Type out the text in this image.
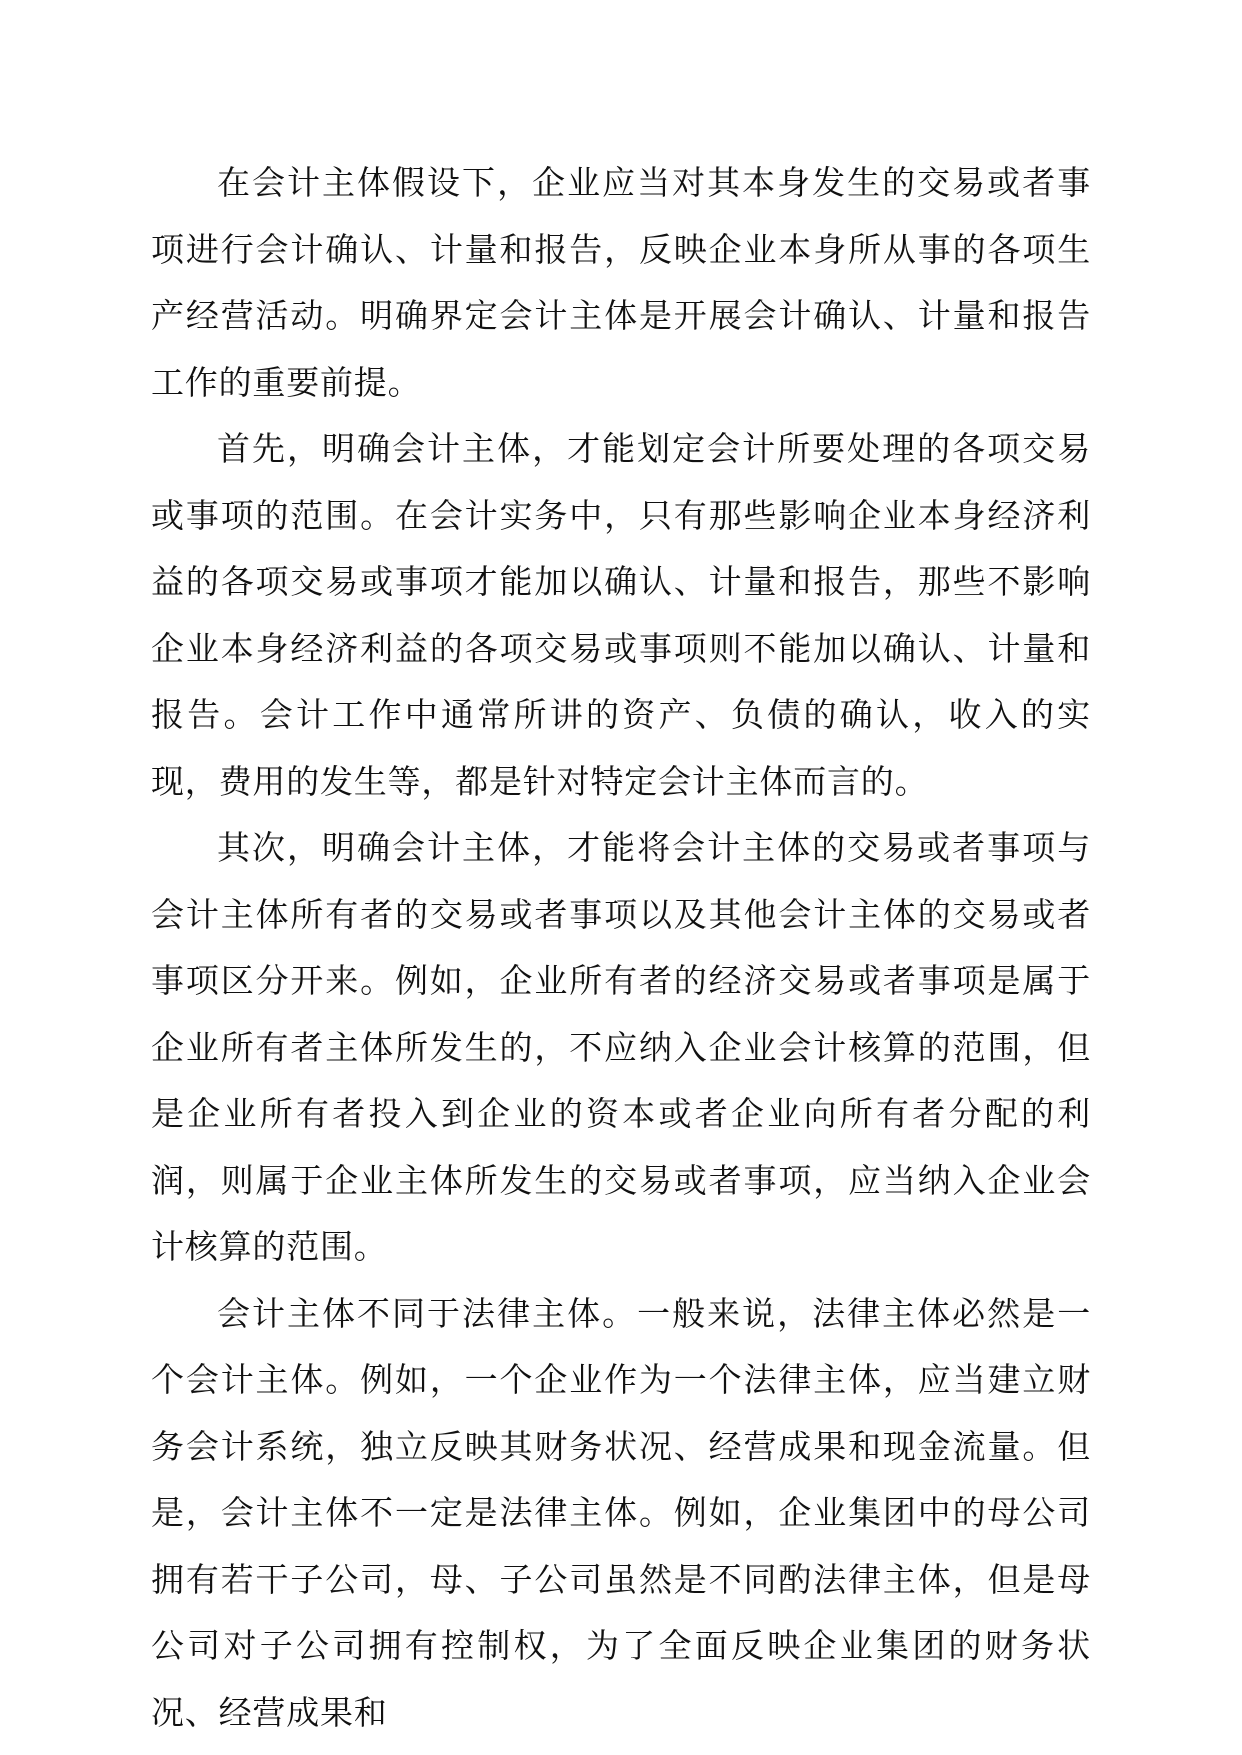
在会计主体假设下，企业应当对其本身发生的交易或者事项进行会计确认、计量和报告，反映企业本身所从事的各项生产经营活动。明确界定会计主体是开展会计确认、计量和报告工作的重要前提。

首先，明确会计主体，才能划定会计所要处理的各项交易或事项的范围。在会计实务中，只有那些影响企业本身经济利益的各项交易或事项才能加以确认、计量和报告，那些不影响企业本身经济利益的各项交易或事项则不能加以确认、计量和报告。会计工作中通常所讲的资产、负债的确认，收入的实现，费用的发生等，都是针对特定会计主体而言的。

其次，明确会计主体，才能将会计主体的交易或者事项与会计主体所有者的交易或者事项以及其他会计主体的交易或者事项区分开来。例如，企业所有者的经济交易或者事项是属于企业所有者主体所发生的，不应纳入企业会计核算的范围，但是企业所有者投入到企业的资本或者企业向所有者分配的利润，则属于企业主体所发生的交易或者事项，应当纳入企业会计核算的范围。

会计主体不同于法律主体。一般来说，法律主体必然是一个会计主体。例如，一个企业作为一个法律主体，应当建立财务会计系统，独立反映其财务状况、经营成果和现金流量。但是，会计主体不一定是法律主体。例如，企业集团中的母公司拥有若干子公司，母、子公司虽然是不同酌法律主体，但是母公司对子公司拥有控制权，为了全面反映企业集团的财务状况、经营成果和
